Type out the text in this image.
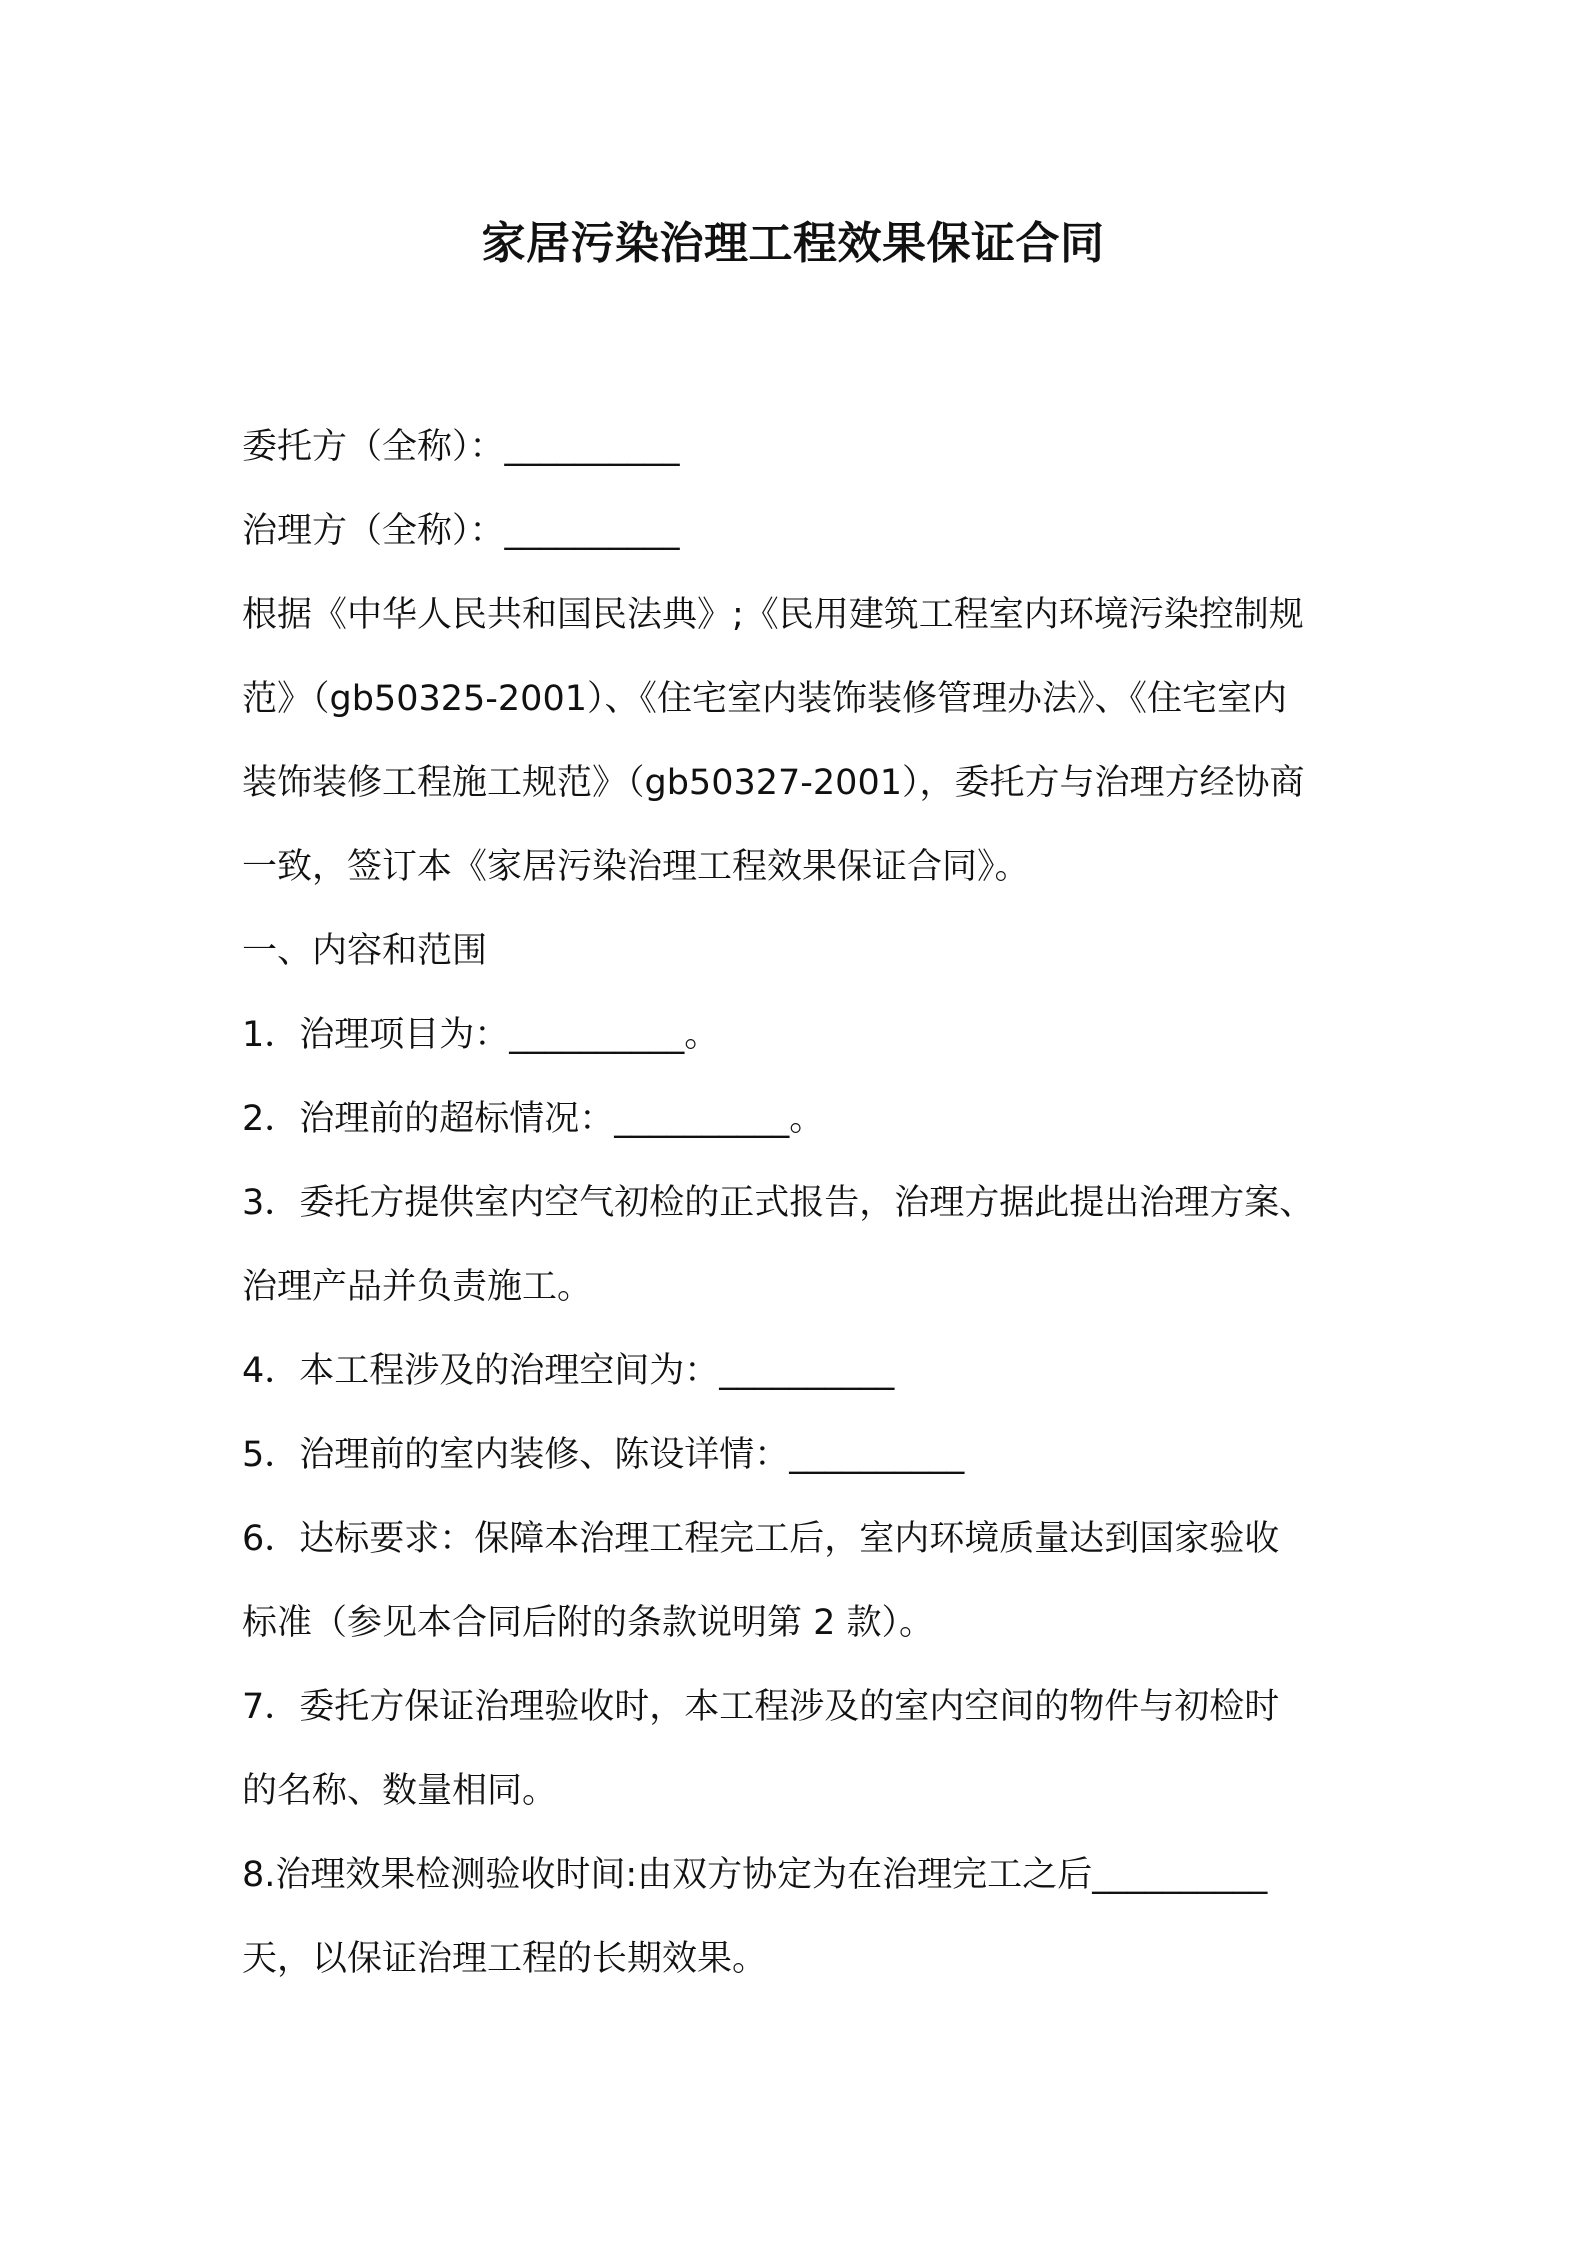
家居污染治理工程效果保证合同
委托方（全称）：__________
治理方（全称）：__________
根据《中华人民共和国民法典》;《民用建筑工程室内环境污染控制规
范》（gb50325-2001）、《住宅室内装饰装修管理办法》、《住宅室内
装饰装修工程施工规范》（gb50327-2001），委托方与治理方经协商
一致，签订本《家居污染治理工程效果保证合同》。
一、内容和范围
1．治理项目为：__________。
2．治理前的超标情况：__________。
3．委托方提供室内空气初检的正式报告，治理方据此提出治理方案、
治理产品并负责施工。
4．本工程涉及的治理空间为：__________
5．治理前的室内装修、陈设详情：__________
6．达标要求：保障本治理工程完工后，室内环境质量达到国家验收
标准（参见本合同后附的条款说明第 2 款）。
7．委托方保证治理验收时，本工程涉及的室内空间的物件与初检时
的名称、数量相同。
8.治理效果检测验收时间:由双方协定为在治理完工之后__________
天，以保证治理工程的长期效果。
